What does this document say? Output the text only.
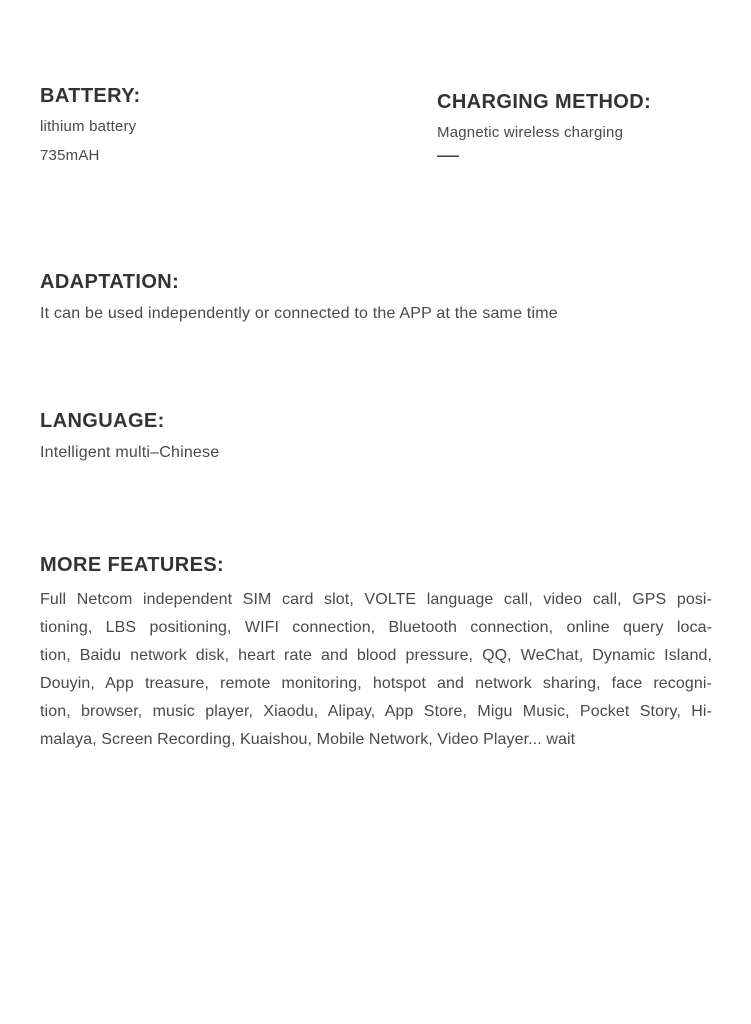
BATTERY:
lithium battery
735mAH
CHARGING METHOD:
Magnetic wireless charging
—
ADAPTATION:
It can be used independently or connected to the APP at the same time
LANGUAGE:
Intelligent multi–Chinese
MORE FEATURES:
Full Netcom independent SIM card slot, VOLTE language call, video call, GPS posi-
tioning, LBS positioning, WIFI connection, Bluetooth connection, online query loca-
tion, Baidu network disk, heart rate and blood pressure, QQ, WeChat, Dynamic Island,
Douyin, App treasure, remote monitoring, hotspot and network sharing, face recogni-
tion, browser, music player, Xiaodu, Alipay, App Store, Migu Music, Pocket Story, Hi-
malaya, Screen Recording, Kuaishou, Mobile Network, Video Player... wait
